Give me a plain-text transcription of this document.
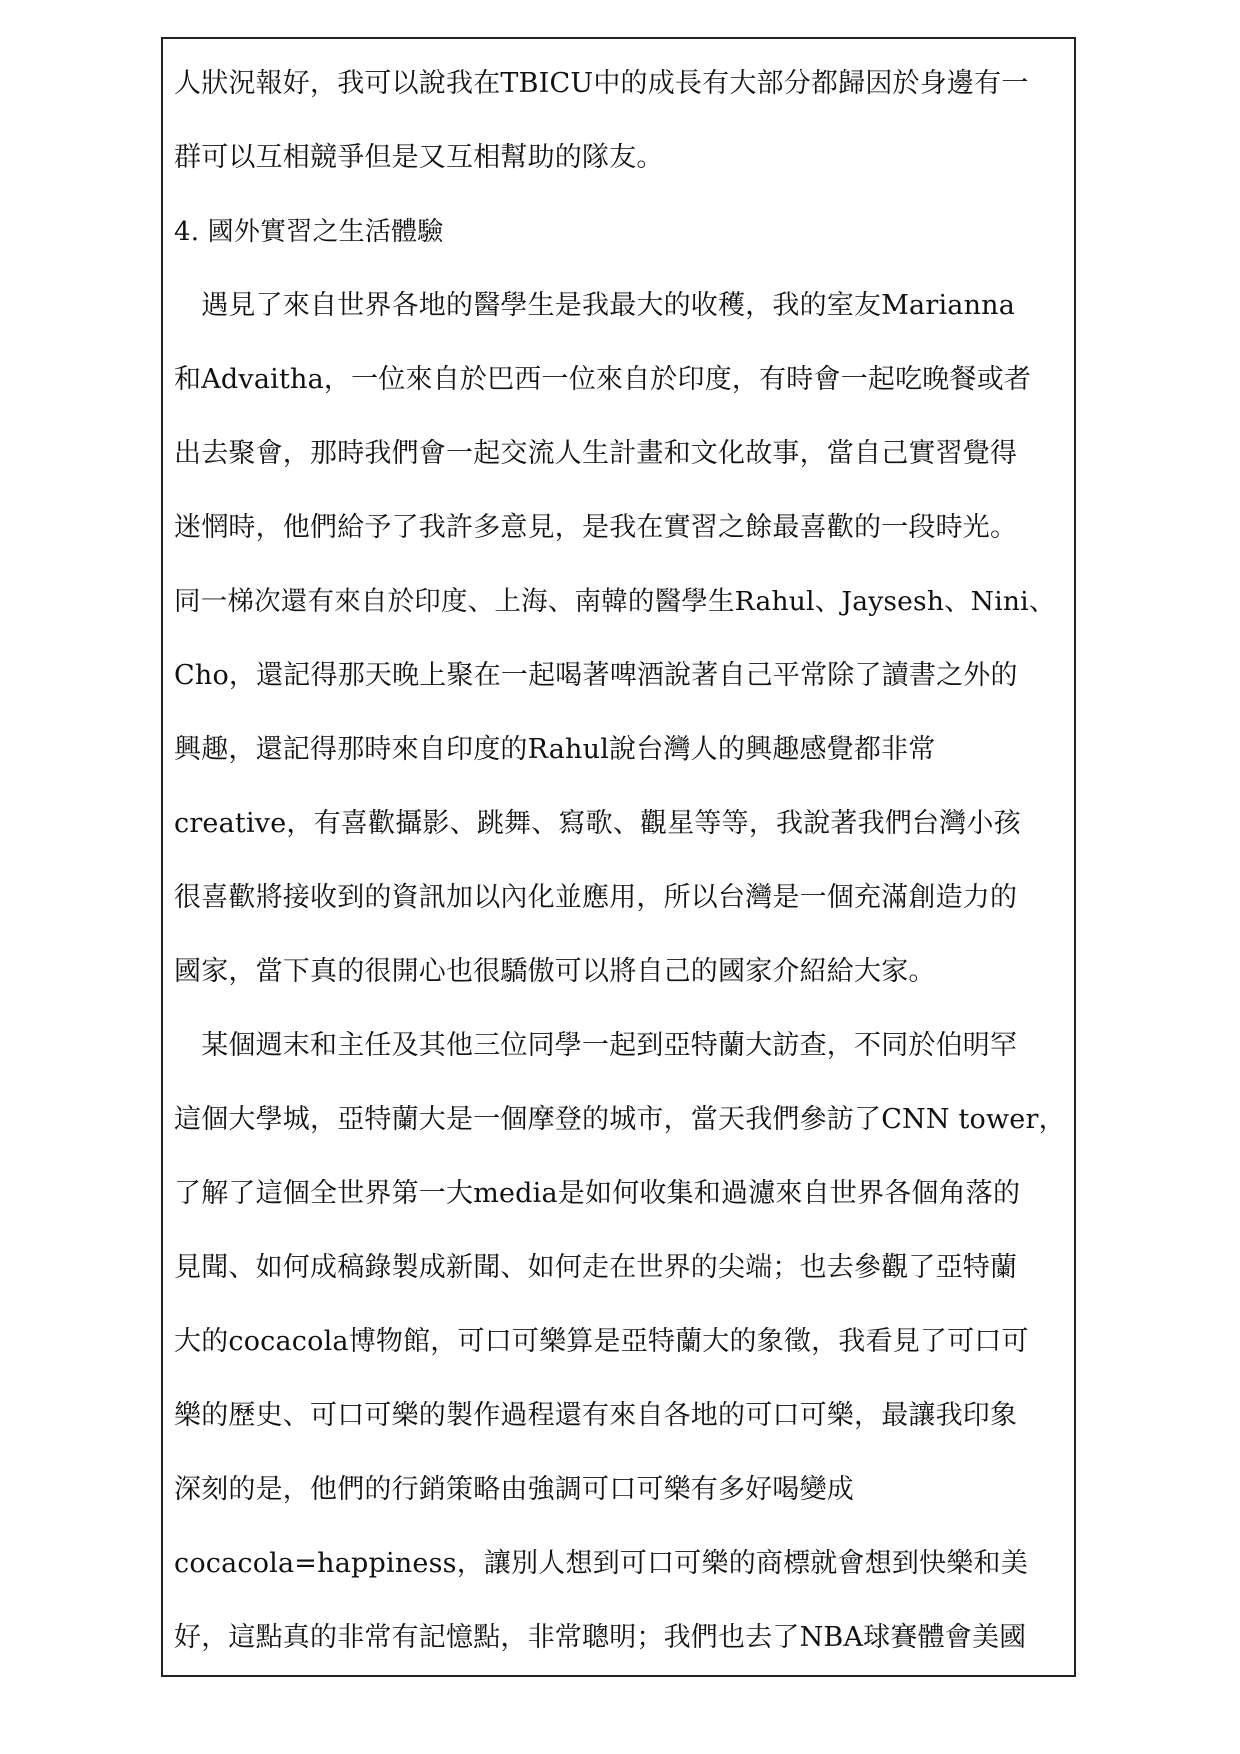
人狀況報好，我可以說我在TBICU中的成長有大部分都歸因於身邊有一
群可以互相競爭但是又互相幫助的隊友。
4. 國外實習之生活體驗
　遇見了來自世界各地的醫學生是我最大的收穫，我的室友Marianna
和Advaitha，一位來自於巴西一位來自於印度，有時會一起吃晚餐或者
出去聚會，那時我們會一起交流人生計畫和文化故事，當自己實習覺得
迷惘時，他們給予了我許多意見，是我在實習之餘最喜歡的一段時光。
同一梯次還有來自於印度、上海、南韓的醫學生Rahul、Jaysesh、Nini、
Cho，還記得那天晚上聚在一起喝著啤酒說著自己平常除了讀書之外的
興趣，還記得那時來自印度的Rahul說台灣人的興趣感覺都非常
creative，有喜歡攝影、跳舞、寫歌、觀星等等，我說著我們台灣小孩
很喜歡將接收到的資訊加以內化並應用，所以台灣是一個充滿創造力的
國家，當下真的很開心也很驕傲可以將自己的國家介紹給大家。
　某個週末和主任及其他三位同學一起到亞特蘭大訪查，不同於伯明罕
這個大學城，亞特蘭大是一個摩登的城市，當天我們參訪了CNN tower，
了解了這個全世界第一大media是如何收集和過濾來自世界各個角落的
見聞、如何成稿錄製成新聞、如何走在世界的尖端；也去參觀了亞特蘭
大的cocacola博物館，可口可樂算是亞特蘭大的象徵，我看見了可口可
樂的歷史、可口可樂的製作過程還有來自各地的可口可樂，最讓我印象
深刻的是，他們的行銷策略由強調可口可樂有多好喝變成
cocacola=happiness，讓別人想到可口可樂的商標就會想到快樂和美
好，這點真的非常有記憶點，非常聰明；我們也去了NBA球賽體會美國
